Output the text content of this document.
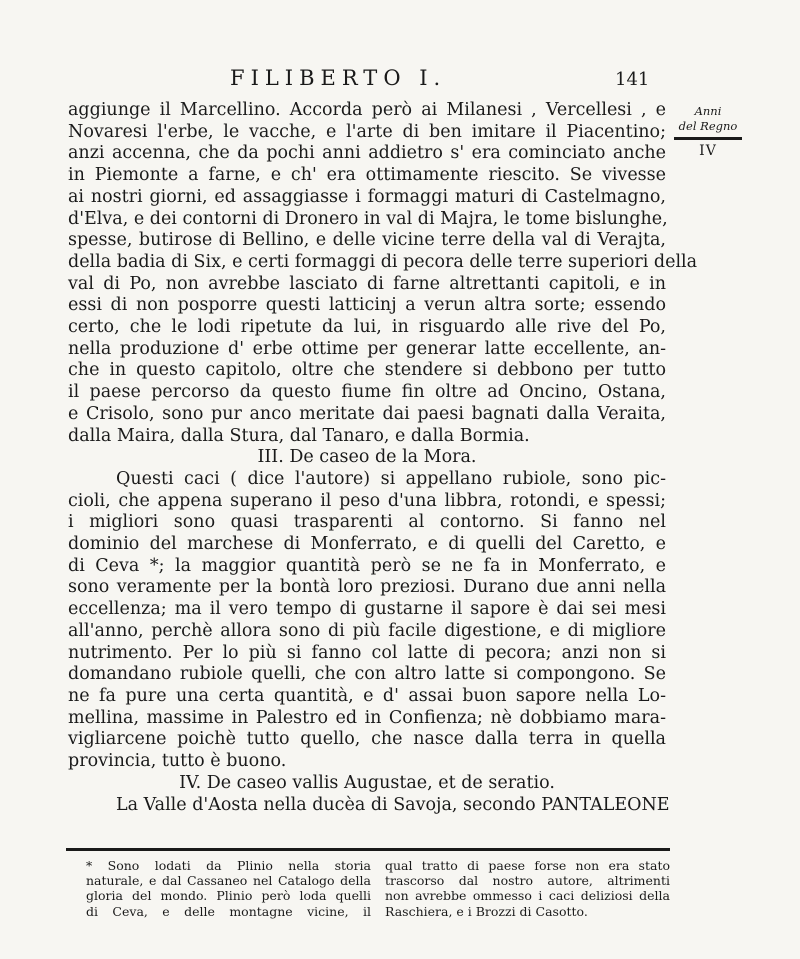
FILIBERTO I.	141
Anni
del Regno
IV
aggiunge il Marcellino. Accorda però ai Milanesi , Vercellesi , e
Novaresi l'erbe, le vacche, e l'arte di ben imitare il Piacentino;
anzi accenna, che da pochi anni addietro s' era cominciato anche
in Piemonte a farne, e ch' era ottimamente riescito. Se vivesse
ai nostri giorni, ed assaggiasse i formaggi maturi di Castelmagno,
d'Elva, e dei contorni di Dronero in val di Majra, le tome bislunghe,
spesse, butirose di Bellino, e delle vicine terre della val di Verajta,
della badia di Six, e certi formaggi di pecora delle terre superiori della
val di Po, non avrebbe lasciato di farne altrettanti capitoli, e in
essi di non posporre questi latticinj a verun altra sorte; essendo
certo, che le lodi ripetute da lui, in risguardo alle rive del Po,
nella produzione d' erbe ottime per generar latte eccellente, an-
che in questo capitolo, oltre che stendere si debbono per tutto
il paese percorso da questo fiume fin oltre ad Oncino, Ostana,
e Crisolo, sono pur anco meritate dai paesi bagnati dalla Veraita,
dalla Maira, dalla Stura, dal Tanaro, e dalla Bormia.
III. De caseo de la Mora.
Questi caci ( dice l'autore) si appellano rubiole, sono pic-
cioli, che appena superano il peso d'una libbra, rotondi, e spessi;
i migliori sono quasi trasparenti al contorno. Si fanno nel
dominio del marchese di Monferrato, e di quelli del Caretto, e
di Ceva *; la maggior quantità però se ne fa in Monferrato, e
sono veramente per la bontà loro preziosi. Durano due anni nella
eccellenza; ma il vero tempo di gustarne il sapore è dai sei mesi
all'anno, perchè allora sono di più facile digestione, e di migliore
nutrimento. Per lo più si fanno col latte di pecora; anzi non si
domandano rubiole quelli, che con altro latte si compongono. Se
ne fa pure una certa quantità, e d' assai buon sapore nella Lo-
mellina, massime in Palestro ed in Confienza; nè dobbiamo mara-
vigliarcene poichè tutto quello, che nasce dalla terra in quella
provincia, tutto è buono.
IV. De caseo vallis Augustae, et de seratio.
La Valle d'Aosta nella ducèa di Savoja, secondo PANTALEONE
* Sono lodati da Plinio nella storia
naturale, e dal Cassaneo nel Catalogo della
gloria del mondo. Plinio però loda quelli
di Ceva, e delle montagne vicine, il
qual tratto di paese forse non era stato
trascorso dal nostro autore, altrimenti
non avrebbe ommesso i caci deliziosi della
Raschiera, e i Brozzi di Casotto.
